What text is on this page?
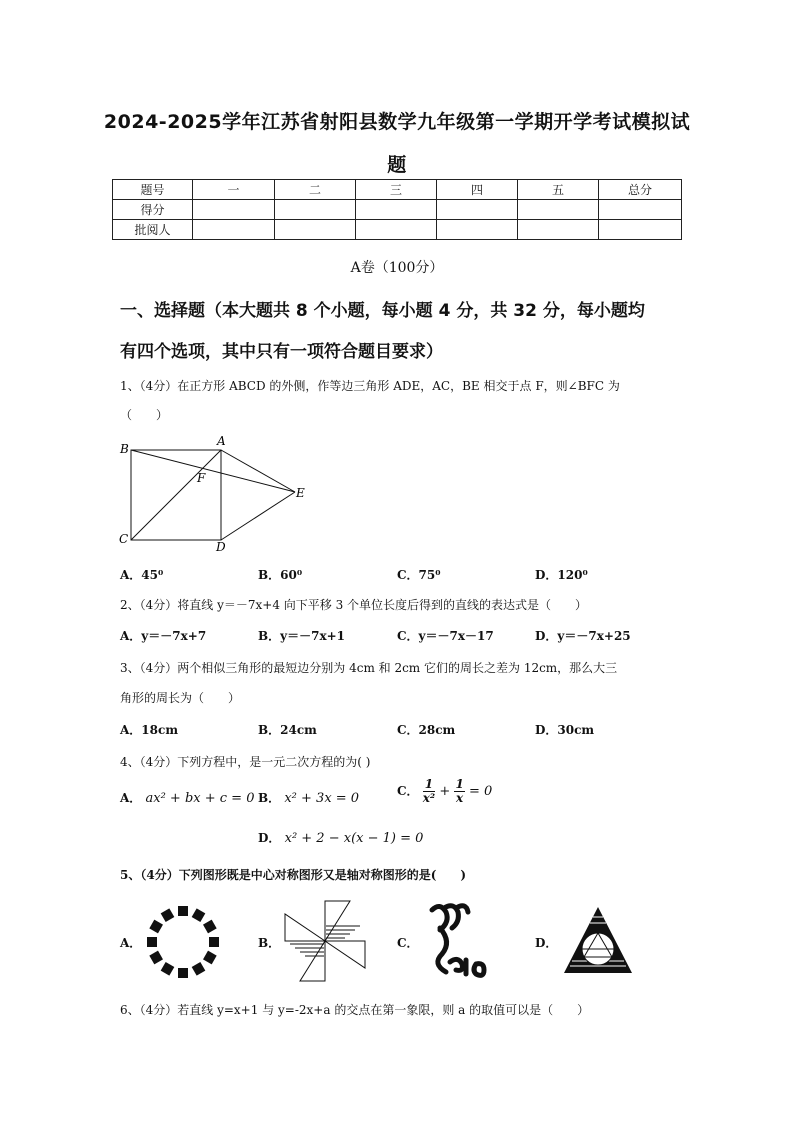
2024-2025学年江苏省射阳县数学九年级第一学期开学考试模拟试
题
题号	一	二	三	四	五	总分
得分						
批阅人						
A卷（100分）
一、选择题（本大题共 8 个小题，每小题 4 分，共 32 分，每小题均
有四个选项，其中只有一项符合题目要求）
1、（4分）在正方形 ABCD 的外侧，作等边三角形 ADE，AC，BE 相交于点 F，则∠BFC 为
（　　）
B
A
F
E
C
D
A．45⁰	B．60⁰	C．75⁰	D．120⁰
2、（4分）将直线 y＝－7x+4 向下平移 3 个单位长度后得到的直线的表达式是（　　）
A．y＝－7x+7	B．y＝－7x+1	C．y＝－7x－17	D．y＝－7x+25
3、（4分）两个相似三角形的最短边分别为 4cm 和 2cm 它们的周长之差为 12cm，那么大三
角形的周长为（　　）
A．18cm	B．24cm	C．28cm	D．30cm
4、（4分）下列方程中，是一元二次方程的为( )
A． ax² + bx + c = 0 B． x² + 3x = 0	C． $\frac{1}{\text{x²}} + \frac{1}{x} = 0$
D． x² + 2 − x(x − 1) = 0
5、（4分）下列图形既是中心对称图形又是轴对称图形的是(　　)
A．	B．	C．	D．
6、（4分）若直线 y=x+1 与 y=-2x+a 的交点在第一象限，则 a 的取值可以是（　　）
